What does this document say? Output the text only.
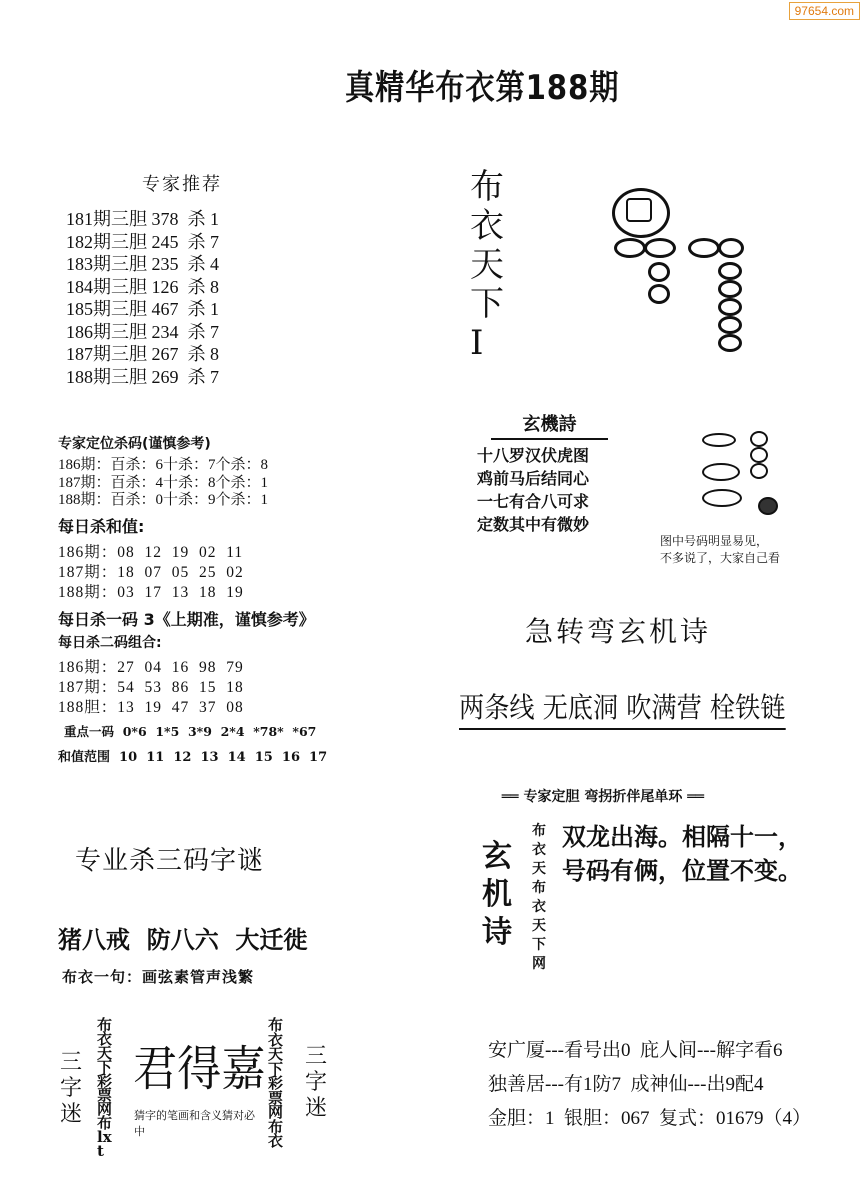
97654.com
真精华布衣第188期
专家推荐
181期三胆 378  杀 1
182期三胆 245  杀 7
183期三胆 235  杀 4
184期三胆 126  杀 8
185期三胆 467  杀 1
186期三胆 234  杀 7
187期三胆 267  杀 8
188期三胆 269  杀 7
专家定位杀码(谨慎参考)
186期：百杀：6十杀：7个杀：8
187期：百杀：4十杀：8个杀：1
188期：百杀：0十杀：9个杀：1
每日杀和值:
186期：08  12  19  02  11
187期：18  07  05  25  02
188期：03  17  13  18  19
每日杀一码 3《上期准，谨慎参考》
每日杀二码组合:
186期：27  04  16  98  79
187期：54  53  86  15  18
188胆：13  19  47  37  08
重点一码  0*6  1*5  3*9  2*4  *78*  *67
和值范围  10  11  12  13  14  15  16  17
专业杀三码字谜
猪八戒  防八六  大迁徙
布衣一句：画弦素管声浅繁
三字迷
布衣天下彩票网布lxt
君得嘉
猜字的笔画和含义猜对必中
布衣天下彩票网布衣
三字迷
布衣天下I
玄機詩
十八罗汉伏虎图
鸡前马后结同心
一七有合八可求
定数其中有微妙
图中号码明显易见，
不多说了，大家自己看
急转弯玄机诗
两条线 无底洞 吹满营 栓铁链

══ 专家定胆 弯拐折伴尾单环 ══

玄机诗
布衣天布衣天下网
双龙出海。相隔十一，
号码有俩，位置不变。
安广厦---看号出0  庇人间---解字看6
独善居---有1防7  成神仙---出9配4
金胆：1  银胆：067  复式：01679（4）
